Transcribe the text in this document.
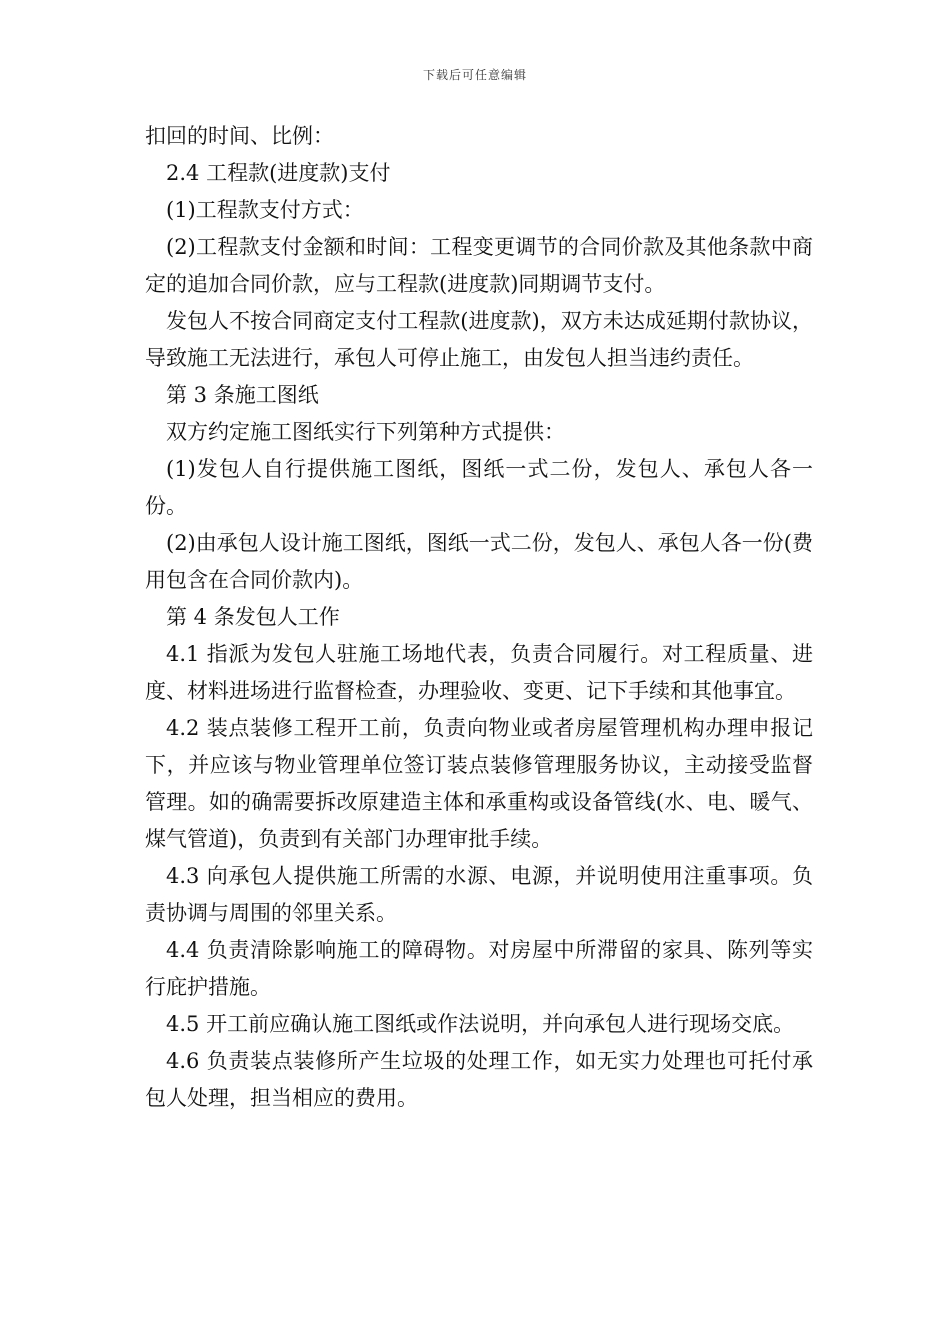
下载后可任意编辑

扣回的时间、比例：

2.4 工程款(进度款)支付

(1)工程款支付方式：

(2)工程款支付金额和时间：工程变更调节的合同价款及其他条款中商定的追加合同价款，应与工程款(进度款)同期调节支付。

发包人不按合同商定支付工程款(进度款)，双方未达成延期付款协议，导致施工无法进行，承包人可停止施工，由发包人担当违约责任。

第 3 条施工图纸

双方约定施工图纸实行下列第种方式提供：

(1)发包人自行提供施工图纸，图纸一式二份，发包人、承包人各一份。

(2)由承包人设计施工图纸，图纸一式二份，发包人、承包人各一份(费用包含在合同价款内)。

第 4 条发包人工作

4.1 指派为发包人驻施工场地代表，负责合同履行。对工程质量、进度、材料进场进行监督检查，办理验收、变更、记下手续和其他事宜。

4.2 装点装修工程开工前，负责向物业或者房屋管理机构办理申报记下，并应该与物业管理单位签订装点装修管理服务协议，主动接受监督管理。如的确需要拆改原建造主体和承重构或设备管线(水、电、暖气、煤气管道)，负责到有关部门办理审批手续。

4.3 向承包人提供施工所需的水源、电源，并说明使用注重事项。负责协调与周围的邻里关系。

4.4 负责清除影响施工的障碍物。对房屋中所滞留的家具、陈列等实行庇护措施。

4.5 开工前应确认施工图纸或作法说明，并向承包人进行现场交底。

4.6 负责装点装修所产生垃圾的处理工作，如无实力处理也可托付承包人处理，担当相应的费用。
